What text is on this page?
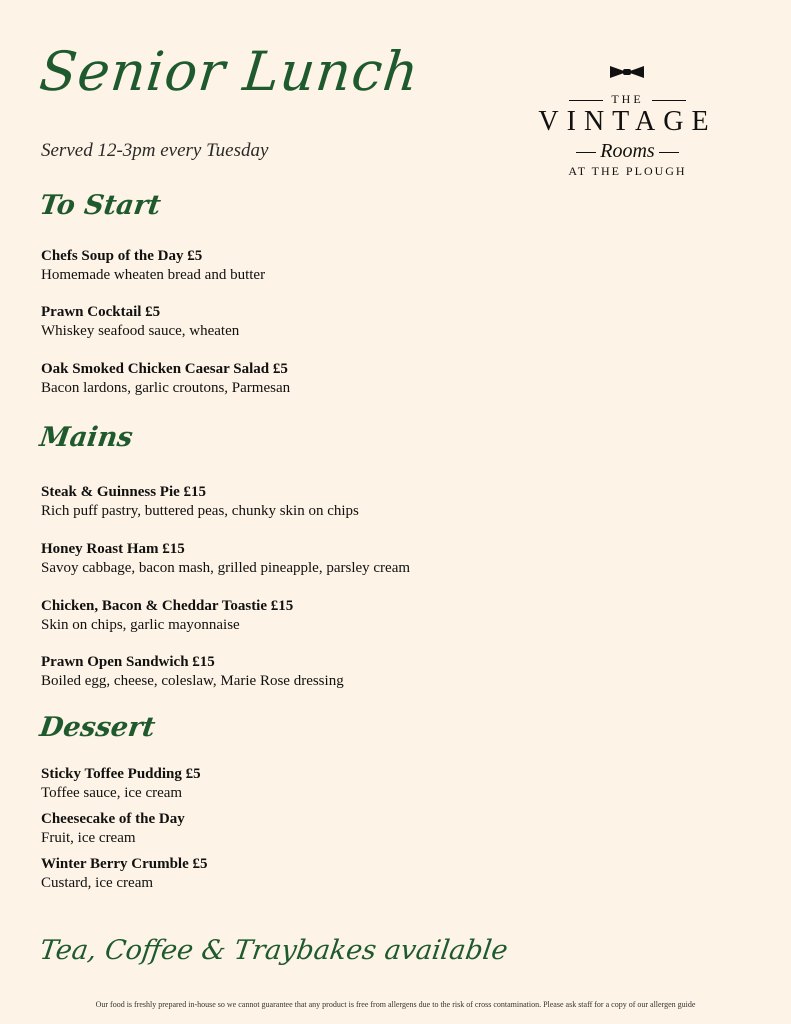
Senior Lunch
Served 12-3pm every Tuesday
THE
VINTAGE
Rooms
AT THE PLOUGH
To Start
Chefs Soup of the Day £5
Homemade wheaten bread and butter
Prawn Cocktail £5
Whiskey seafood sauce, wheaten
Oak Smoked Chicken Caesar Salad £5
Bacon lardons, garlic croutons, Parmesan
Mains
Steak & Guinness Pie £15
Rich puff pastry, buttered peas, chunky skin on chips
Honey Roast Ham £15
Savoy cabbage, bacon mash, grilled pineapple, parsley cream
Chicken, Bacon & Cheddar Toastie £15
Skin on chips, garlic mayonnaise
Prawn Open Sandwich £15
Boiled egg, cheese, coleslaw, Marie Rose dressing
Dessert
Sticky Toffee Pudding £5
Toffee sauce, ice cream
Cheesecake of the Day
Fruit, ice cream
Winter Berry Crumble £5
Custard, ice cream
Tea, Coffee & Traybakes available
Our food is freshly prepared in-house so we cannot guarantee that any product is free from allergens due to the risk of cross contamination. Please ask staff for a copy of our allergen guide
